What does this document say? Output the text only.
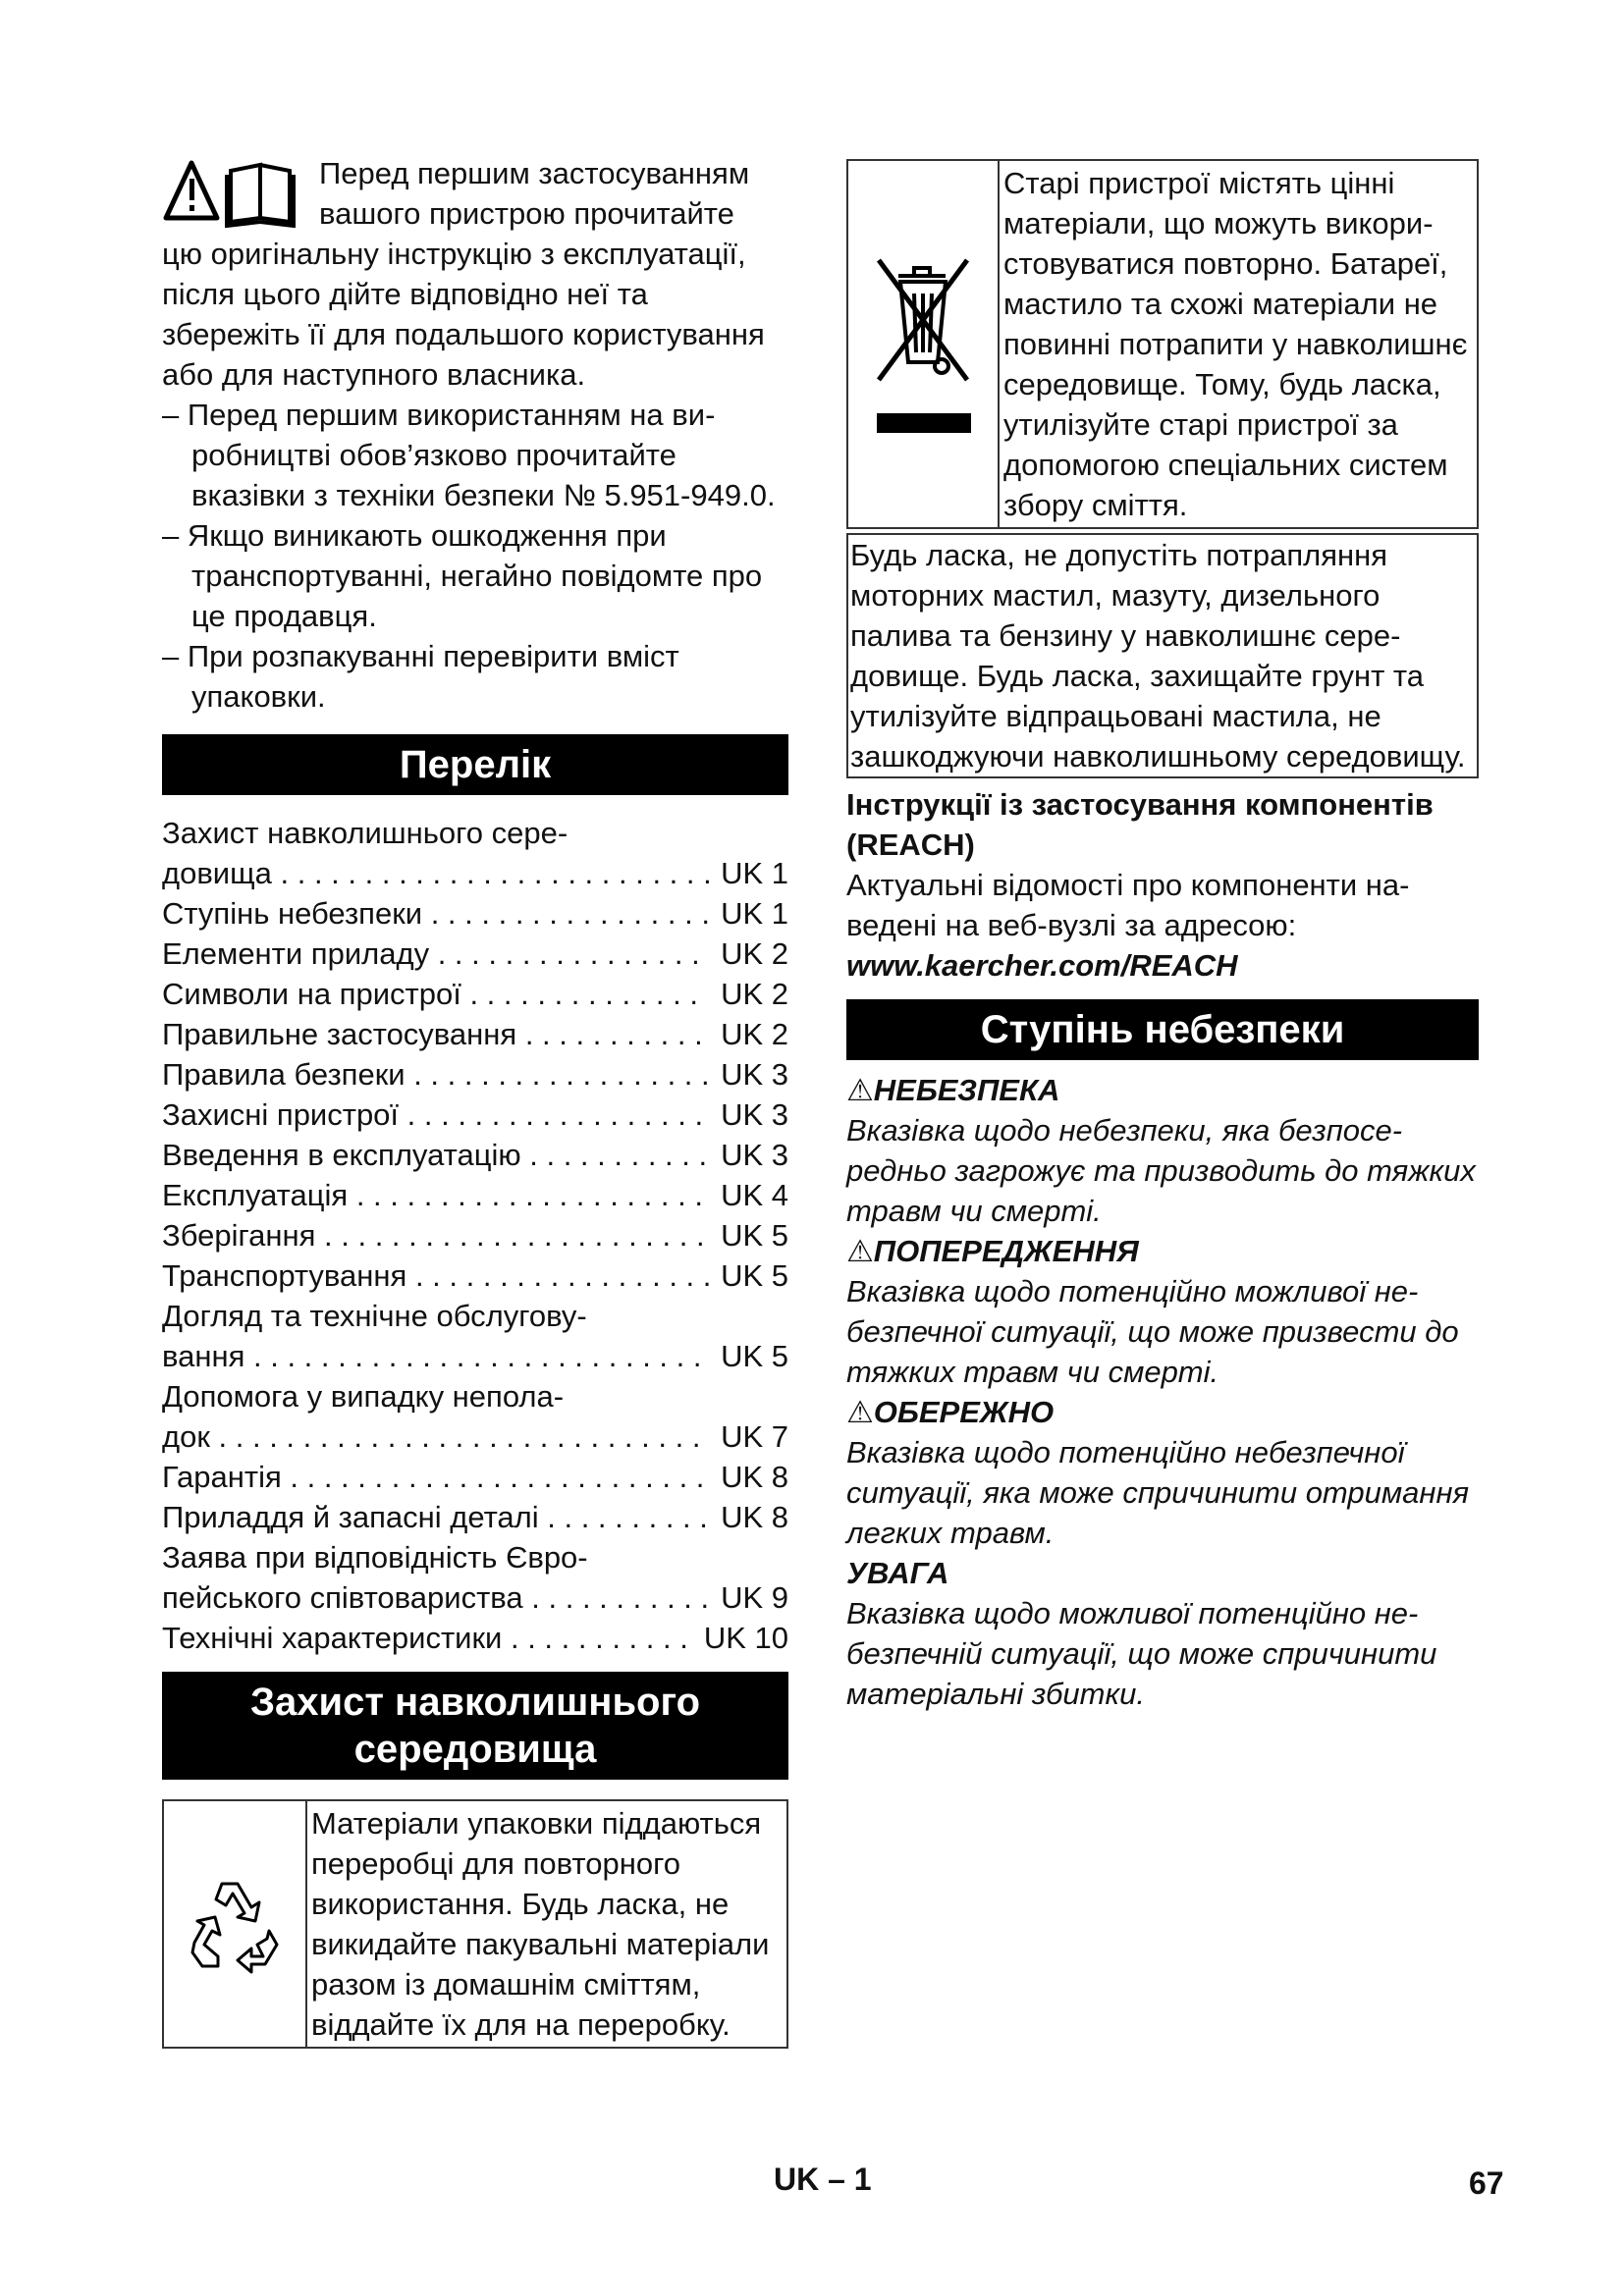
Перед першим застосуванням
вашого пристрою прочитайте
цю оригінальну інструкцію з експлуатації, після цього дійте відповідно неї та збережіть її для подальшого користування або для наступного власника.
– Перед першим використанням на виробництві обов’язково прочитайте вказівки з техніки безпеки № 5.951-949.0.
– Якщо виникають ошкодження при транспортуванні, негайно повідомте про це продавця.
– При розпакуванні перевірити вміст упаковки.
Перелік
Захист навколишнього сере-
довища . . .	UK 1
Ступінь небезпеки . . .	UK 1
Елементи приладу . . .	UK 2
Символи на пристрої . . .	UK 2
Правильне застосування . . .	UK 2
Правила безпеки . . .	UK 3
Захисні пристрої . . .	UK 3
Введення в експлуатацію . . .	UK 3
Експлуатація . . .	UK 4
Зберігання . . .	UK 5
Транспортування . . .	UK 5
Догляд та технічне обслугову-
вання . . .	UK 5
Допомога у випадку непола-
док . . .	UK 7
Гарантія . . .	UK 8
Приладдя й запасні деталі . . .	UK 8
Заява при відповідність Євро-
пейського співтовариства . . .	UK 9
Технічні характеристики . . .	UK 10
Захист навколишнього
середовища
Матеріали упаковки піддаються переробці для повторного використання. Будь ласка, не викидайте пакувальні матеріали разом із домашнім сміттям, віддайте їх для на переробку.
Старі пристрої містять цінні матеріали, що можуть використовуватися повторно. Батареї, мастило та схожі матеріали не повинні потрапити у навколишнє середовище. Тому, будь ласка, утилізуйте старі пристрої за допомогою спеціальних систем збору сміття.
Будь ласка, не допустіть потрапляння моторних мастил, мазуту, дизельного палива та бензину у навколишнє середовище. Будь ласка, захищайте грунт та утилізуйте відпрацьовані мастила, не зашкоджуючи навколишньому середовищу.
Інструкції із застосування компонентів (REACH)
Актуальні відомості про компоненти наведені на веб-вузлі за адресою:
www.kaercher.com/REACH
Ступінь небезпеки
⚠НЕБЕЗПЕКА
Вказівка щодо небезпеки, яка безпосередньо загрожує та призводить до тяжких травм чи смерті.
⚠ПОПЕРЕДЖЕННЯ
Вказівка щодо потенційно можливої небезпечної ситуації, що може призвести до тяжких травм чи смерті.
⚠ОБЕРЕЖНО
Вказівка щодо потенційно небезпечної ситуації, яка може спричинити отримання легких травм.
УВАГА
Вказівка щодо можливої потенційно небезпечній ситуації, що може спричинити матеріальні збитки.
UK – 1	67
